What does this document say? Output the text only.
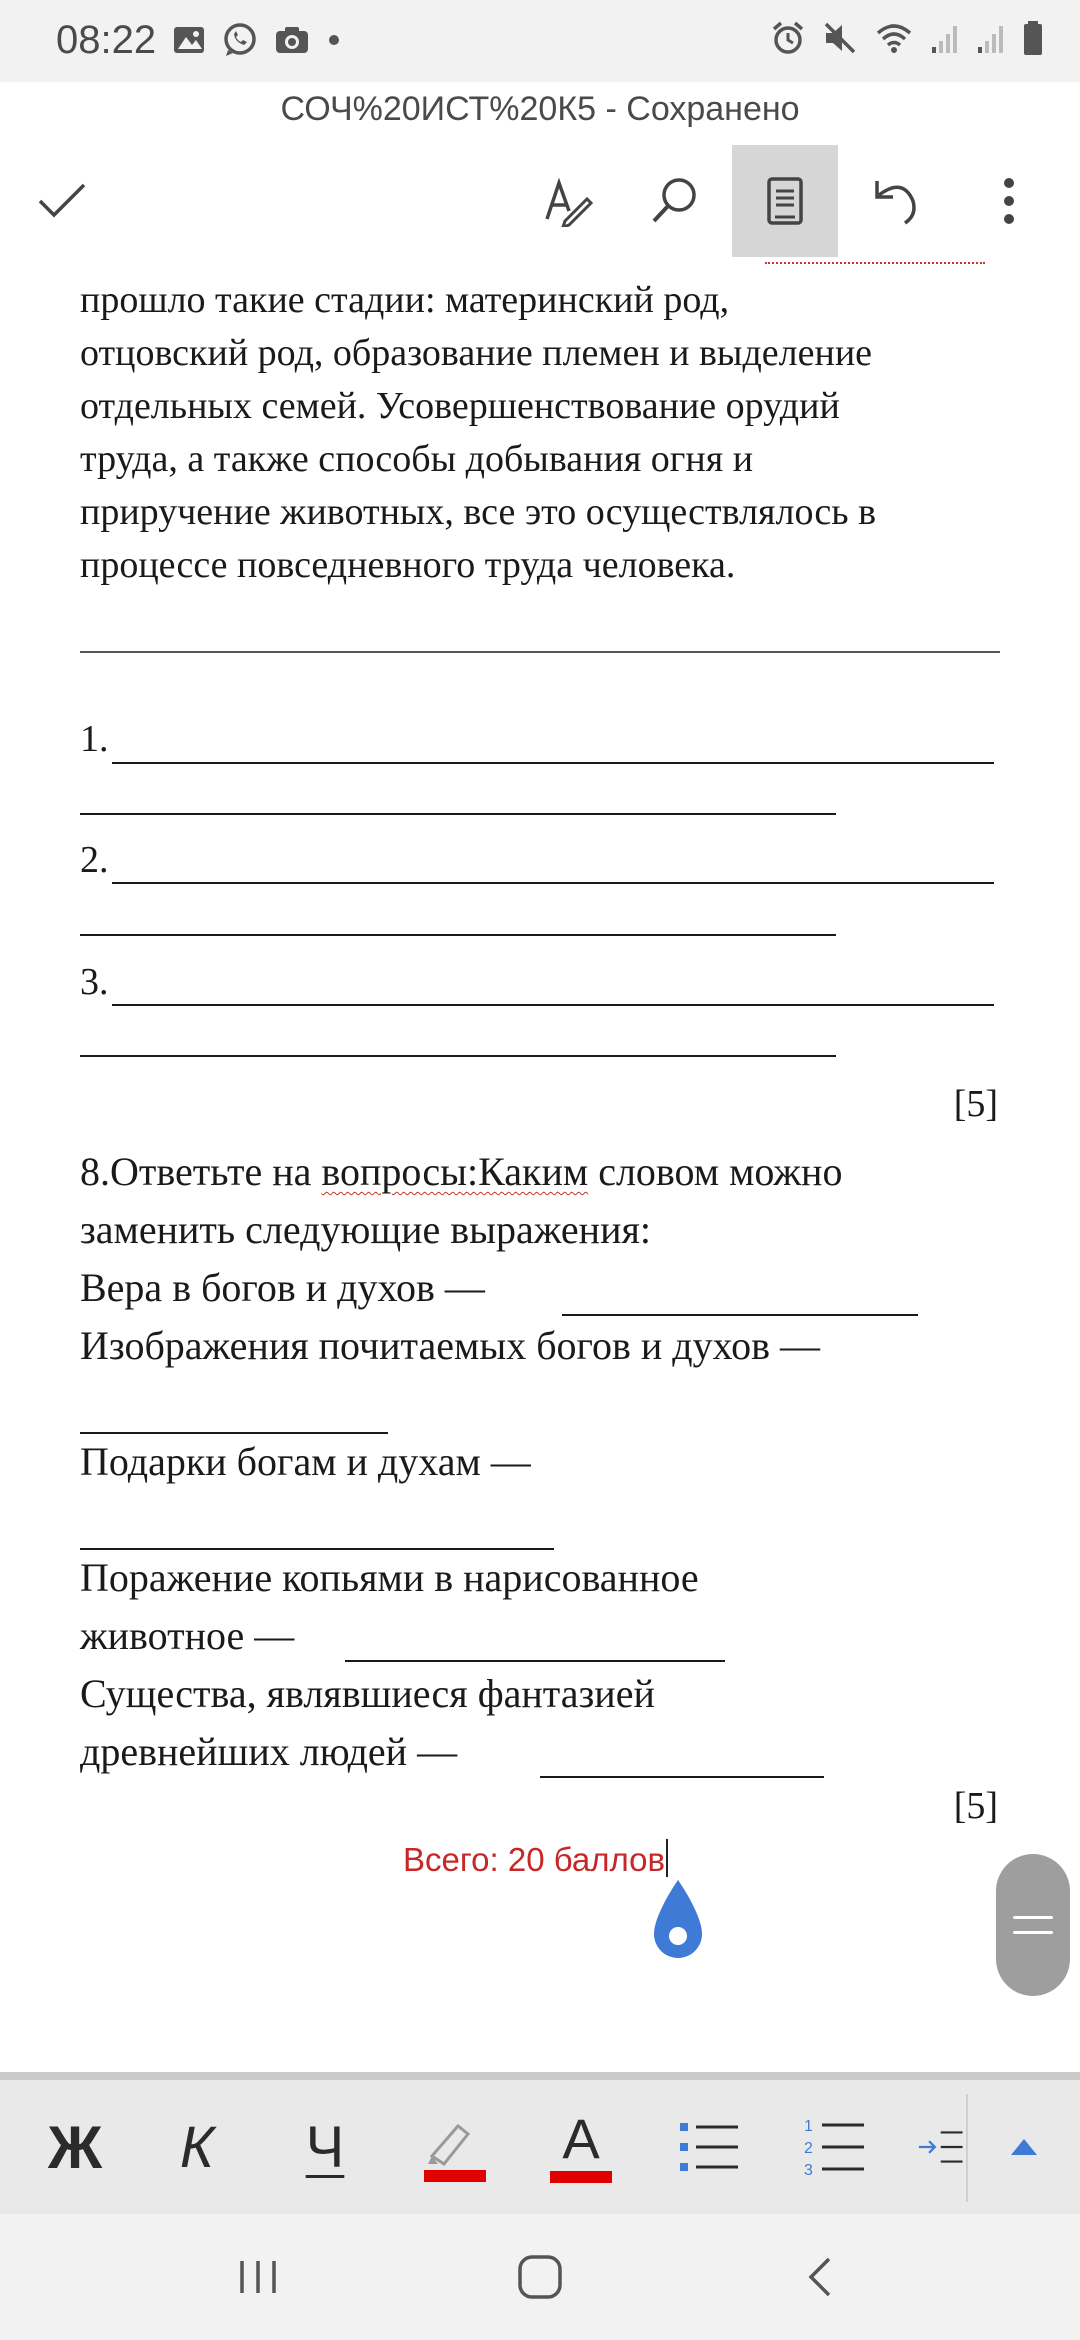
08:22
СОЧ%20ИСТ%20К5 - Сохранено
прошло такие стадии: материнский род,
отцовский род, образование племен и выделение
отдельных семей. Усовершенствование орудий
труда, а также способы добывания огня и
приручение животных, все это осуществлялось в
процессе повседневного труда человека.
1.
2.
3.
[5]
8.Ответьте на вопросы:Каким словом можно
заменить следующие выражения:
Вера в богов и духов —
Изображения почитаемых богов и духов —
Подарки богам и духам —
Поражение копьями в нарисованное
животное —
Существа, являвшиеся фантазией
древнейших людей —
[5]
Всего: 20 баллов
Ж К Ч	A	1
2
3
